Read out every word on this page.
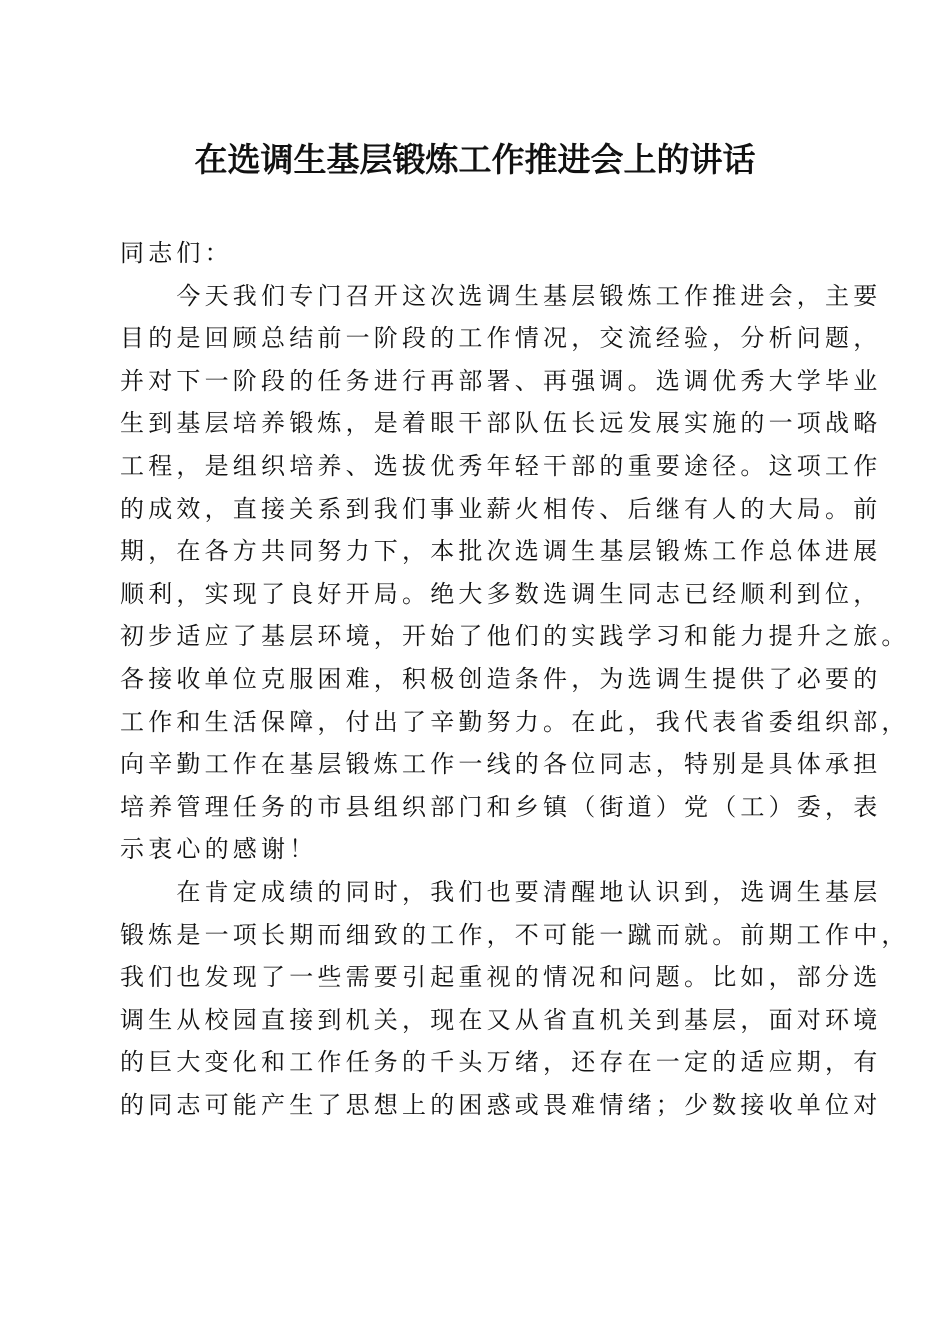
在选调生基层锻炼工作推进会上的讲话

同志们：

　　今天我们专门召开这次选调生基层锻炼工作推进会，主要
目的是回顾总结前一阶段的工作情况，交流经验，分析问题，
并对下一阶段的任务进行再部署、再强调。选调优秀大学毕业
生到基层培养锻炼，是着眼干部队伍长远发展实施的一项战略
工程，是组织培养、选拔优秀年轻干部的重要途径。这项工作
的成效，直接关系到我们事业薪火相传、后继有人的大局。前
期，在各方共同努力下，本批次选调生基层锻炼工作总体进展
顺利，实现了良好开局。绝大多数选调生同志已经顺利到位，
初步适应了基层环境，开始了他们的实践学习和能力提升之旅。
各接收单位克服困难，积极创造条件，为选调生提供了必要的
工作和生活保障，付出了辛勤努力。在此，我代表省委组织部，
向辛勤工作在基层锻炼工作一线的各位同志，特别是具体承担
培养管理任务的市县组织部门和乡镇（街道）党（工）委，表
示衷心的感谢！

　　在肯定成绩的同时，我们也要清醒地认识到，选调生基层
锻炼是一项长期而细致的工作，不可能一蹴而就。前期工作中，
我们也发现了一些需要引起重视的情况和问题。比如，部分选
调生从校园直接到机关，现在又从省直机关到基层，面对环境
的巨大变化和工作任务的千头万绪，还存在一定的适应期，有
的同志可能产生了思想上的困惑或畏难情绪；少数接收单位对
